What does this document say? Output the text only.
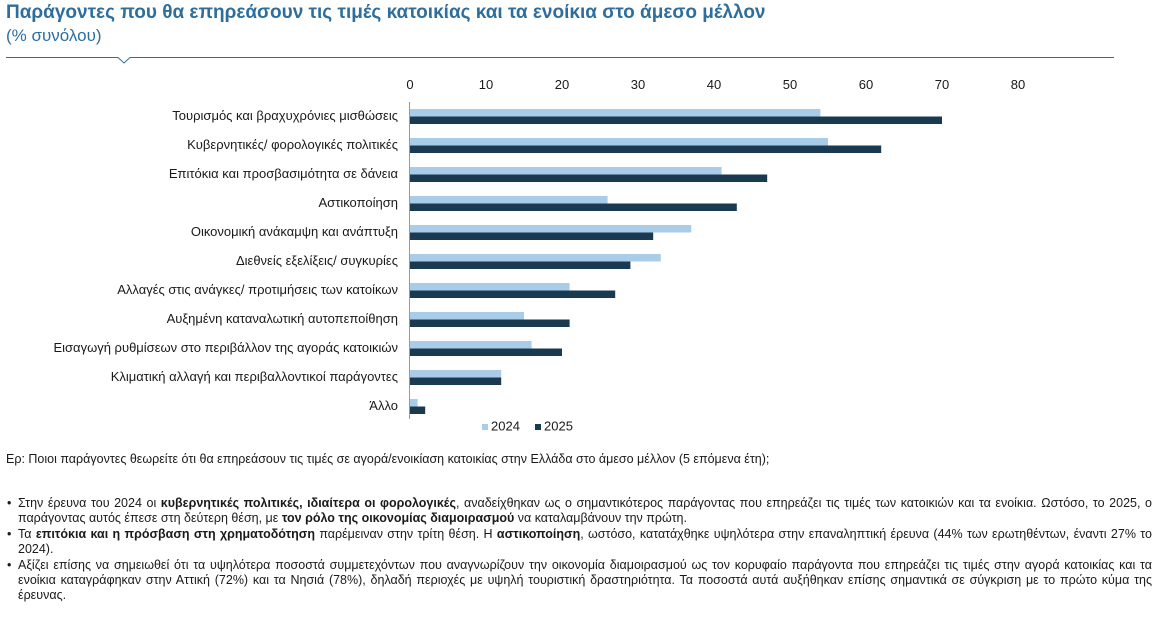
Παράγοντες που θα επηρεάσουν τις τιμές κατοικίας και τα ενοίκια στο άμεσο μέλλον
(% συνόλου)
0	10	20	30	40	50	60	70	80
Τουρισμός και βραχυχρόνιες μισθώσεις
Κυβερνητικές/ φορολογικές πολιτικές
Επιτόκια και προσβασιμότητα σε δάνεια
Αστικοποίηση
Οικονομική ανάκαμψη και ανάπτυξη
Διεθνείς εξελίξεις/ συγκυρίες
Αλλαγές στις ανάγκες/ προτιμήσεις των κατοίκων
Αυξημένη καταναλωτική αυτοπεποίθηση
Εισαγωγή ρυθμίσεων στο περιβάλλον της αγοράς κατοικιών
Κλιματική αλλαγή και περιβαλλοντικοί παράγοντες
Άλλο
2024 2025
Ερ: Ποιοι παράγοντες θεωρείτε ότι θα επηρεάσουν τις τιμές σε αγορά/ενοικίαση κατοικίας στην Ελλάδα στο άμεσο μέλλον (5 επόμενα έτη);
• Στην έρευνα του 2024 οι κυβερνητικές πολιτικές, ιδιαίτερα οι φορολογικές, αναδείχθηκαν ως ο σημαντικότερος παράγοντας που επηρεάζει τις τιμές των κατοικιών και τα ενοίκια. Ωστόσο, το 2025, ο παράγοντας αυτός έπεσε στη δεύτερη θέση, με τον ρόλο της οικονομίας διαμοιρασμού να καταλαμβάνουν την πρώτη.
• Τα επιτόκια και η πρόσβαση στη χρηματοδότηση παρέμειναν στην τρίτη θέση. Η αστικοποίηση, ωστόσο, κατατάχθηκε υψηλότερα στην επαναληπτική έρευνα (44% των ερωτηθέντων, έναντι 27% το 2024).
• Αξίζει επίσης να σημειωθεί ότι τα υψηλότερα ποσοστά συμμετεχόντων που αναγνωρίζουν την οικονομία διαμοιρασμού ως τον κορυφαίο παράγοντα που επηρεάζει τις τιμές στην αγορά κατοικίας και τα ενοίκια καταγράφηκαν στην Αττική (72%) και τα Νησιά (78%), δηλαδή περιοχές με υψηλή τουριστική δραστηριότητα. Τα ποσοστά αυτά αυξήθηκαν επίσης σημαντικά σε σύγκριση με το πρώτο κύμα της έρευνας.
